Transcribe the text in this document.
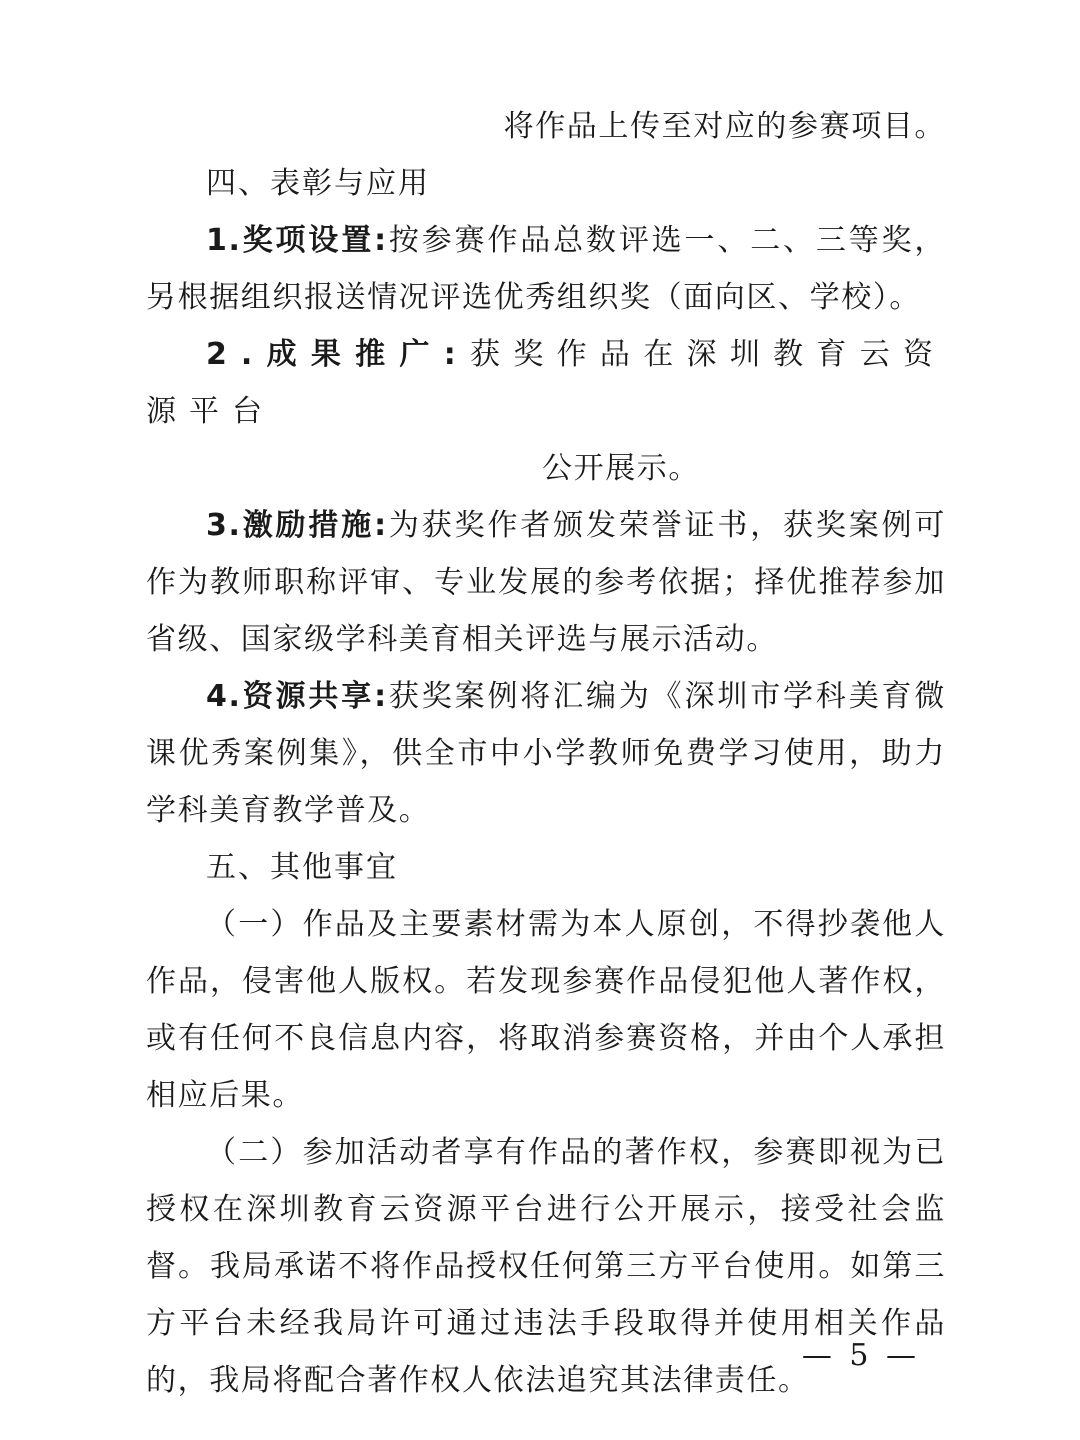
将作品上传至对应的参赛项目。

四、表彰与应用

1.奖项设置:按参赛作品总数评选一、二、三等奖，另根据组织报送情况评选优秀组织奖（面向区、学校）。

2.成果推广:获奖作品在深圳教育云资源平台

公开展示。

3.激励措施:为获奖作者颁发荣誉证书，获奖案例可作为教师职称评审、专业发展的参考依据；择优推荐参加省级、国家级学科美育相关评选与展示活动。

4.资源共享:获奖案例将汇编为《深圳市学科美育微课优秀案例集》，供全市中小学教师免费学习使用，助力学科美育教学普及。

五、其他事宜

（一）作品及主要素材需为本人原创，不得抄袭他人作品，侵害他人版权。若发现参赛作品侵犯他人著作权，或有任何不良信息内容，将取消参赛资格，并由个人承担相应后果。

（二）参加活动者享有作品的著作权，参赛即视为已授权在深圳教育云资源平台进行公开展示，接受社会监督。我局承诺不将作品授权任何第三方平台使用。如第三方平台未经我局许可通过违法手段取得并使用相关作品的，我局将配合著作权人依法追究其法律责任。

— 5 —
